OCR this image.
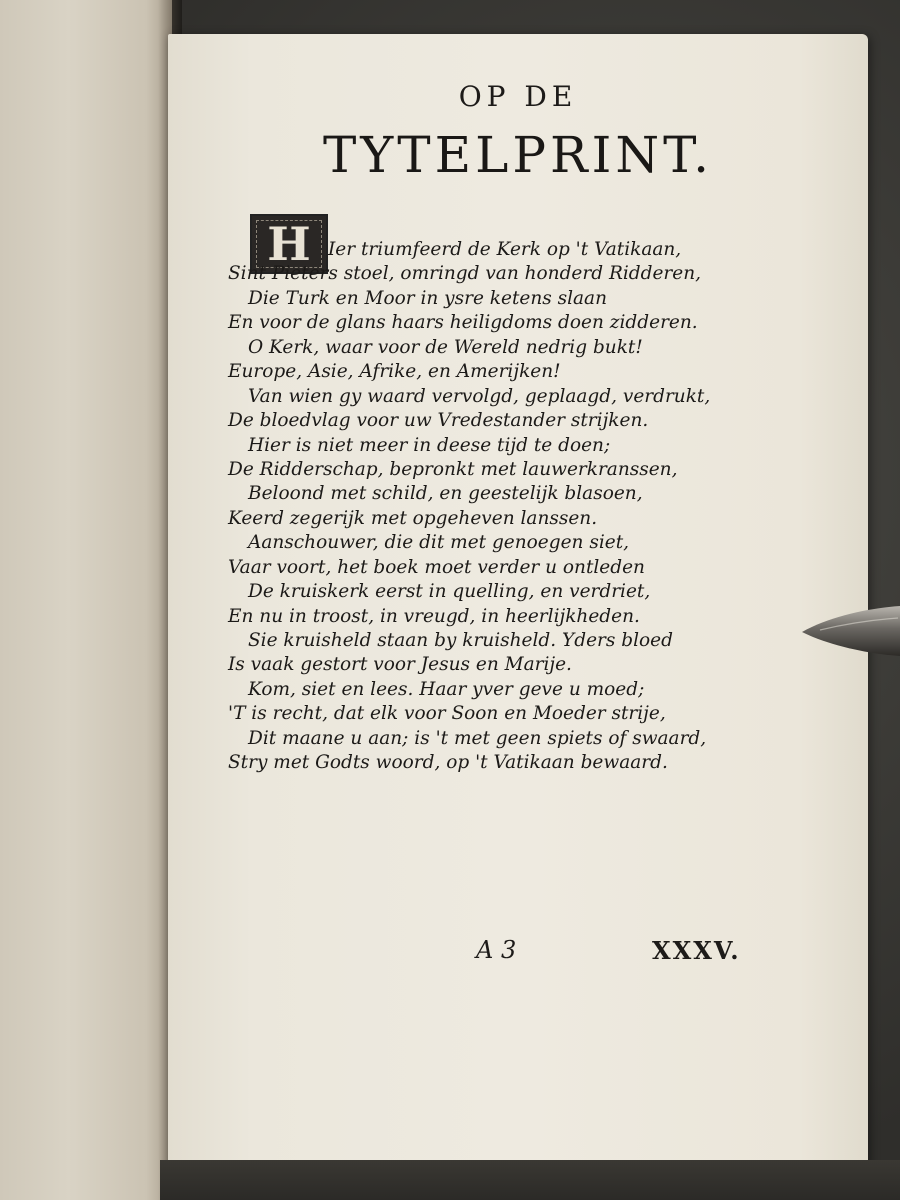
OP DE
TYTELPRINT.
H Ier triumfeerd de Kerk op 't Vatikaan,
Sint Pieters stoel, omringd van honderd Ridderen,
Die Turk en Moor in ysre ketens slaan
En voor de glans haars heiligdoms doen zidderen.
O Kerk, waar voor de Wereld nedrig bukt!
Europe, Asie, Afrike, en Amerijken!
Van wien gy waard vervolgd, geplaagd, verdrukt,
De bloedvlag voor uw Vredestander strijken.
Hier is niet meer in deese tijd te doen;
De Ridderschap, bepronkt met lauwerkranssen,
Beloond met schild, en geestelijk blasoen,
Keerd zegerijk met opgeheven lanssen.
Aanschouwer, die dit met genoegen siet,
Vaar voort, het boek moet verder u ontleden
De kruiskerk eerst in quelling, en verdriet,
En nu in troost, in vreugd, in heerlijkheden.
Sie kruisheld staan by kruisheld. Yders bloed
Is vaak gestort voor Jesus en Marije.
Kom, siet en lees. Haar yver geve u moed;
'T is recht, dat elk voor Soon en Moeder strije,
Dit maane u aan; is 't met geen spiets of swaard,
Stry met Godts woord, op 't Vatikaan bewaard.
A 3	XXXV.
